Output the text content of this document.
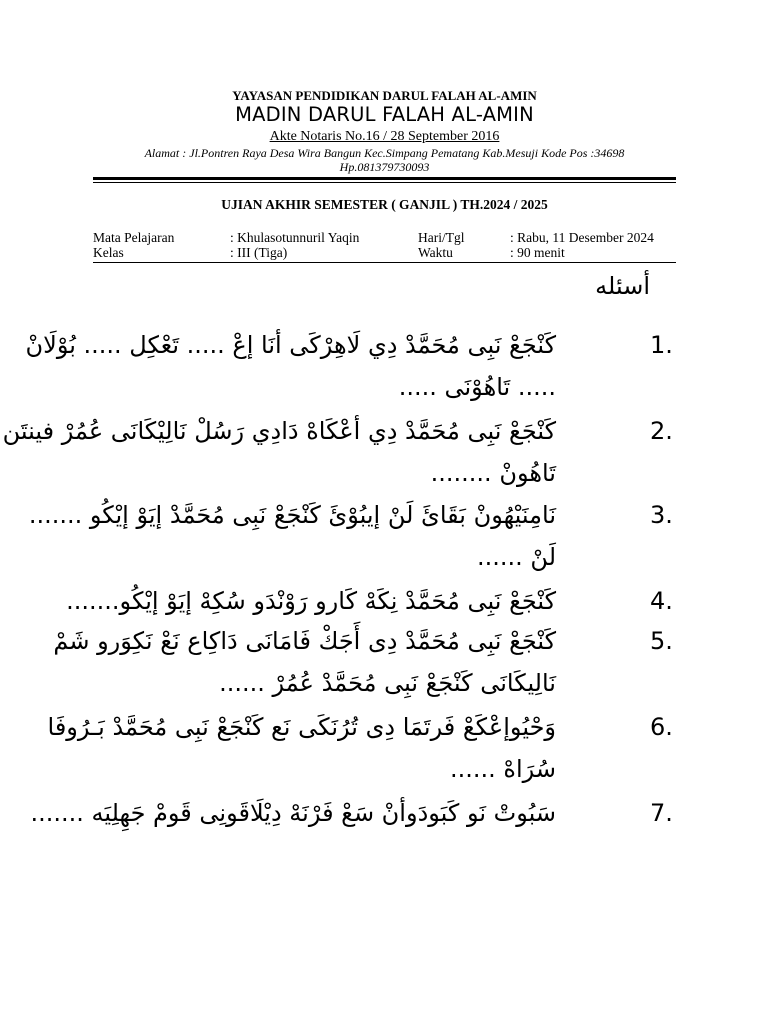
YAYASAN PENDIDIKAN DARUL FALAH AL-AMIN
MADIN DARUL FALAH AL-AMIN
Akte Notaris No.16 / 28 September 2016
Alamat : Jl.Pontren Raya Desa Wira Bangun Kec.Simpang Pematang Kab.Mesuji Kode Pos :34698
Hp.081379730093
UJIAN AKHIR SEMESTER ( GANJIL ) TH.2024 / 2025
Mata Pelajaran	: Khulasotunnuril Yaqin	Hari/Tgl	: Rabu, 11 Desember 2024
Kelas	: III (Tiga)	Waktu	: 90 menit
أسئله
1.
كَنْجَعْ نَبِى مُحَمَّدْ دِي لَاهِرْكَى أنَا إعْ ..... تَعْكِل ..... بُوْلَانْ ..... تَاهُوْنَى .....
2.
كَنْجَعْ نَبِى مُحَمَّدْ دِي أعْكَاهْ دَادِي رَسُلْ نَالِيْكَانَى عُمُرْ فينتَن تَاهُونْ ........
3.
نَامِنَيْهُونْ بَقَائَ لَنْ إيبُوْئَ كَنْجَعْ نَبِى مُحَمَّدْ إيَوْ إيْكُو ....... لَنْ ......
4.
كَنْجَعْ نَبِى مُحَمَّدْ نِكَهْ كَارو رَوْنْدَو سُكِهْ إيَوْ إيْكُو.......
5.
كَنْجَعْ نَبِى مُحَمَّدْ دِى أَجَكْ فَامَانَى دَاكِاع نَعْ نَكِوَرو شَمْ نَالِيكَانَى كَنْجَعْ نَبِى مُحَمَّدْ عُمُرْ ......
6.
وَحْيُوإعْكَعْ فَرتَمَا دِى تُرُنَكَى نَع كَنْجَعْ نَبِى مُحَمَّدْ بَـرُوفَا سُرَاهْ ......
7.
سَبُوتْ نَو كَبَودَوأنْ سَعْ فَرْنَهْ دِيْلَاقَونِى قَومْ جَهِلِيَه .......
